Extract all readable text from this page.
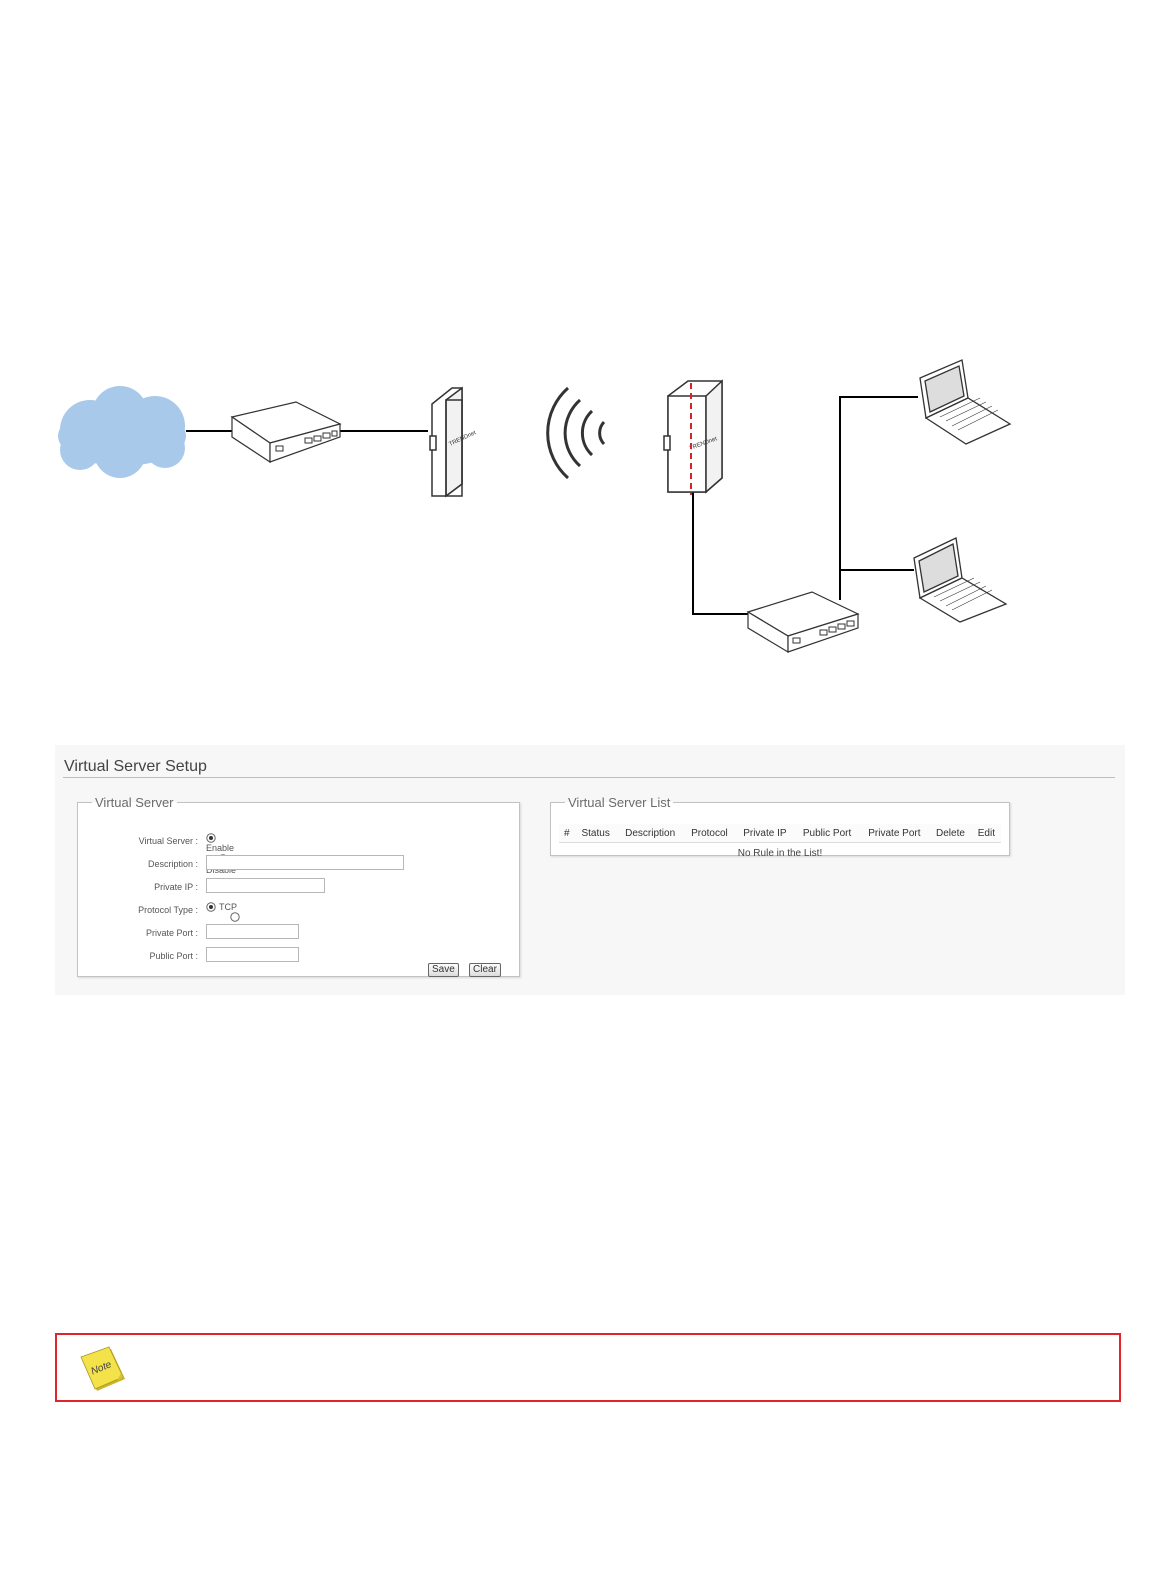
TRENDnet	TRENDnet
Virtual Server Setup
Virtual Server
Virtual Server :
Enable
Description :
Private IP :
Protocol Type :	TCP
Private Port :
Public Port :
Save	Clear
Virtual Server List
#	Status	Description	Protocol	Private IP	Public Port	Private Port	Delete	Edit
No Rule in the List!
Note
